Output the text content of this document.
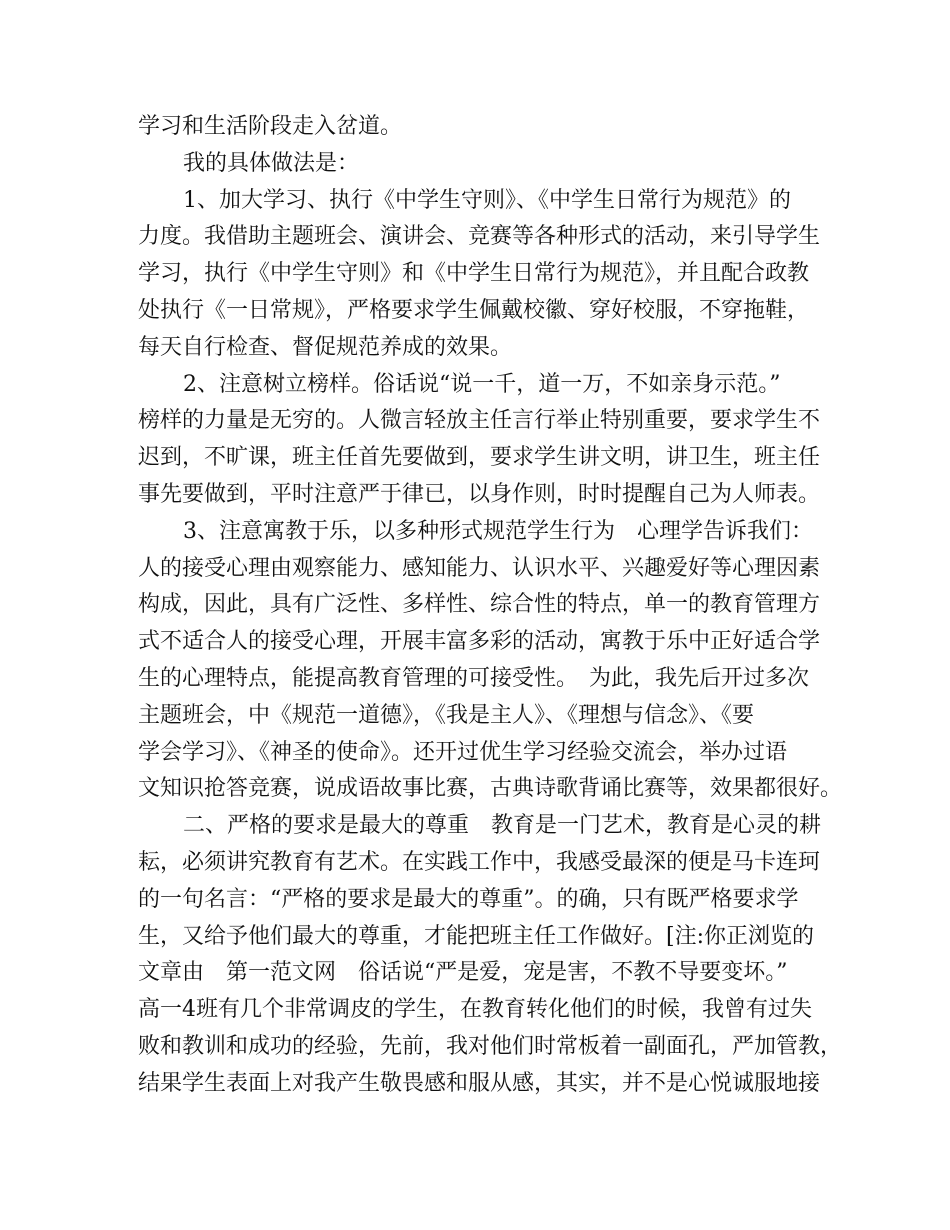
学习和生活阶段走入岔道。
我的具体做法是：
1、加大学习、执行《中学生守则》、《中学生日常行为规范》的
力度。我借助主题班会、演讲会、竞赛等各种形式的活动，来引导学生
学习，执行《中学生守则》和《中学生日常行为规范》，并且配合政教
处执行《一日常规》，严格要求学生佩戴校徽、穿好校服，不穿拖鞋，
每天自行检查、督促规范养成的效果。
2、注意树立榜样。俗话说“说一千，道一万，不如亲身示范。”
榜样的力量是无穷的。人微言轻放主任言行举止特别重要，要求学生不
迟到，不旷课，班主任首先要做到，要求学生讲文明，讲卫生，班主任
事先要做到，平时注意严于律已，以身作则，时时提醒自己为人师表。
3、注意寓教于乐，以多种形式规范学生行为　心理学告诉我们：
人的接受心理由观察能力、感知能力、认识水平、兴趣爱好等心理因素
构成，因此，具有广泛性、多样性、综合性的特点，单一的教育管理方
式不适合人的接受心理，开展丰富多彩的活动，寓教于乐中正好适合学
生的心理特点，能提高教育管理的可接受性。　为此，我先后开过多次
主题班会，中《规范一道德》，《我是主人》、《理想与信念》、《要
学会学习》、《神圣的使命》。还开过优生学习经验交流会，举办过语
文知识抢答竞赛，说成语故事比赛，古典诗歌背诵比赛等，效果都很好。
二、严格的要求是最大的尊重　教育是一门艺术，教育是心灵的耕
耘，必须讲究教育有艺术。在实践工作中，我感受最深的便是马卡连珂
的一句名言：“严格的要求是最大的尊重”。的确，只有既严格要求学
生，又给予他们最大的尊重，才能把班主任工作做好。[注:你正浏览的
文章由　第一范文网　俗话说“严是爱，宠是害，不教不导要变坏。”
高一4班有几个非常调皮的学生，在教育转化他们的时候，我曾有过失
败和教训和成功的经验，先前，我对他们时常板着一副面孔，严加管教，
结果学生表面上对我产生敬畏感和服从感，其实，并不是心悦诚服地接
